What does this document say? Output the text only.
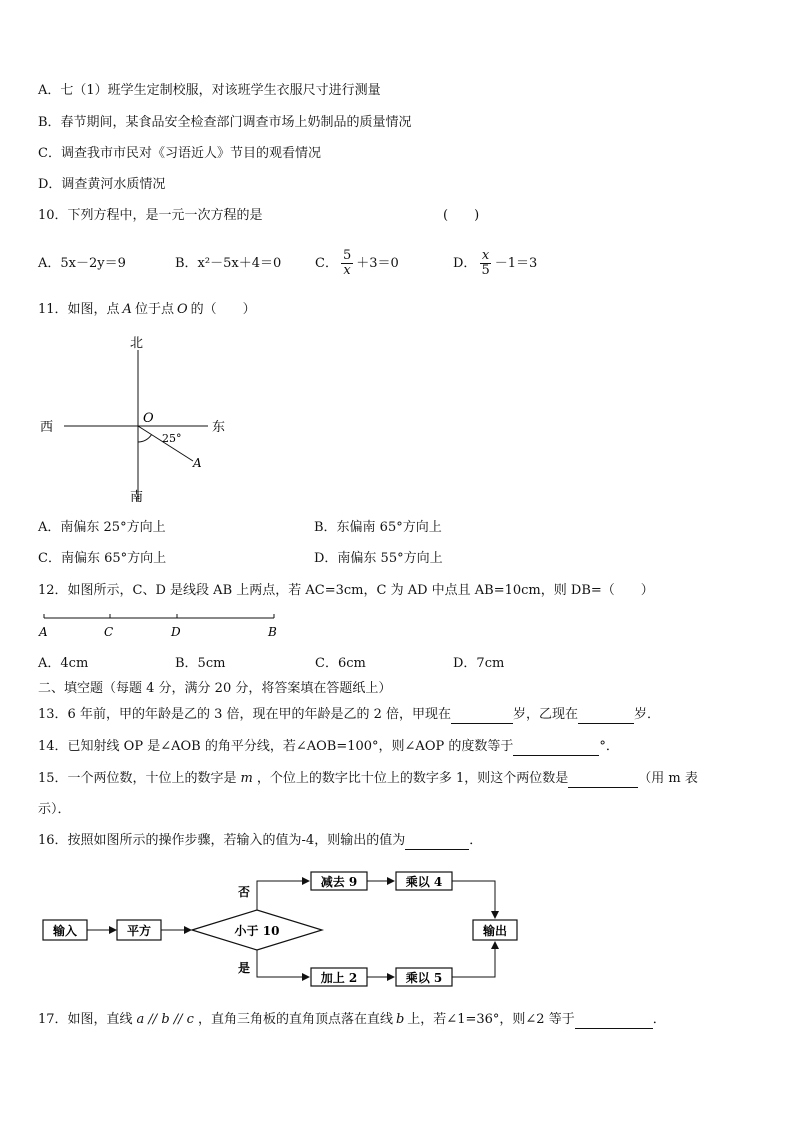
A．七（1）班学生定制校服，对该班学生衣服尺寸进行测量
B．春节期间，某食品安全检查部门调查市场上奶制品的质量情况
C．调查我市市民对《习语近人》节目的观看情况
D．调查黄河水质情况
10．下列方程中，是一元一次方程的是	(　　)
A．5x－2y＝9	B．x²－5x＋4＝0	C． $\frac{5}{x} +3=0$	D． $\frac{x}{5} -1=3$
11．如图，点 A 位于点 O 的（　　）
北
南
西	东
O
A
25°
A．南偏东 25°方向上	B．东偏南 65°方向上
C．南偏东 65°方向上	D．南偏东 55°方向上
12．如图所示，C、D 是线段 AB 上两点，若 AC=3cm，C 为 AD 中点且 AB=10cm，则 DB=（　　）
A	C	D	B
A．4cm	B．5cm	C．6cm	D．7cm
二、填空题（每题 4 分，满分 20 分，将答案填在答题纸上）
13．6 年前，甲的年龄是乙的 3 倍，现在甲的年龄是乙的 2 倍，甲现在	岁，乙现在	岁．
14．已知射线 OP 是∠AOB 的角平分线，若∠AOB=100°，则∠AOP 的度数等于	°．
15．一个两位数，十位上的数字是 m ，个位上的数字比十位上的数字多 1，则这个两位数是	（用 m 表
示）．
16．按照如图所示的操作步骤，若输入的值为-4，则输出的值为	．
输入	平方	小于 10
否
是
减去 9	乘以 4
加上 2	乘以 5
输出
17．如图，直线 a // b // c ，直角三角板的直角顶点落在直线 b 上，若∠1=36°，则∠2 等于	．
